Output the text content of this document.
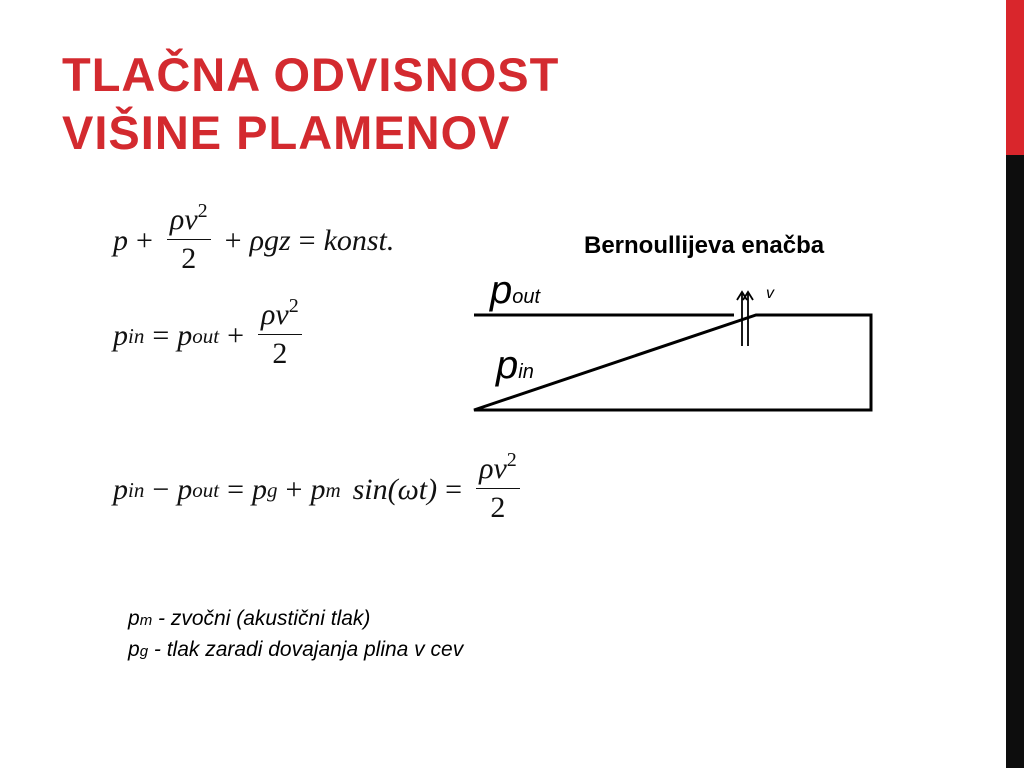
TLAČNA ODVISNOST
VIŠINE PLAMENOV
$p + \frac{\rho v^2}{2} + \rho gz$ = konst.
p in = p out + $\frac{\rho v^2}{2}$
p in − p out = p g + p m $\sin(\omega t) = \frac{\rho v^2}{2}$
Bernoullijeva enačba
pout
pin
v
pm - zvočni (akustični tlak)
pg - tlak zaradi dovajanja plina v cev
